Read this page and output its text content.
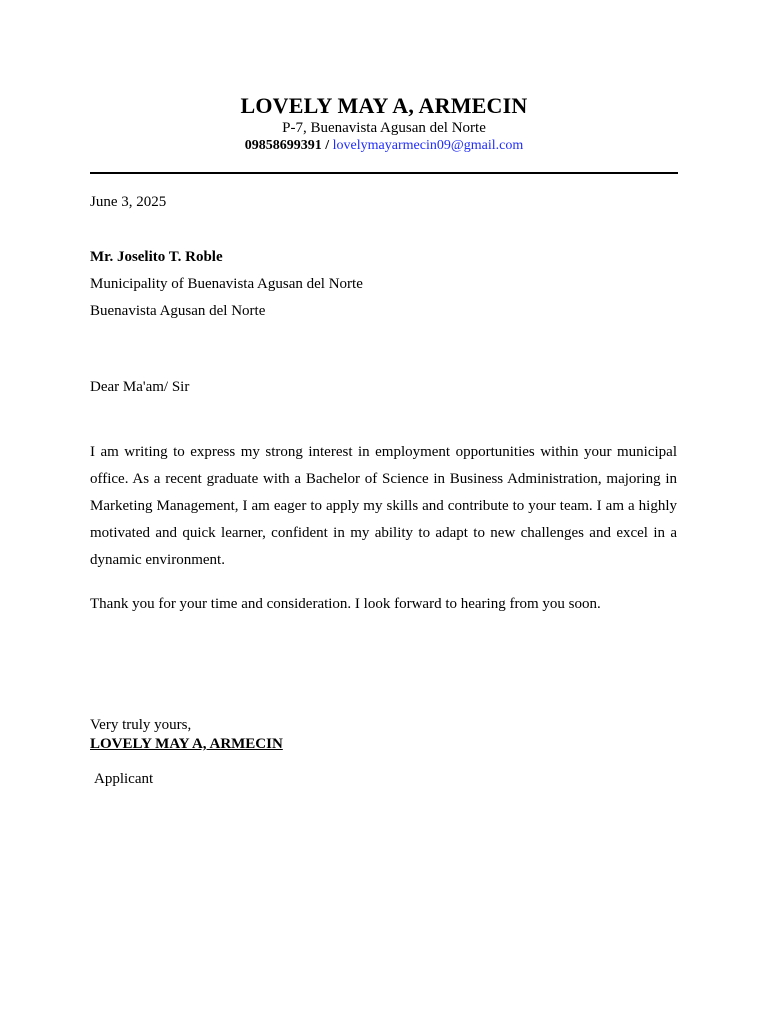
LOVELY MAY A, ARMECIN
P-7, Buenavista Agusan del Norte
09858699391 / lovelymayarmecin09@gmail.com
June 3, 2025
Mr. Joselito T. Roble
Municipality of Buenavista Agusan del Norte
Buenavista Agusan del Norte
Dear Ma'am/ Sir
I am writing to express my strong interest in employment opportunities within your municipal office. As a recent graduate with a Bachelor of Science in Business Administration, majoring in Marketing Management, I am eager to apply my skills and contribute to your team. I am a highly motivated and quick learner, confident in my ability to adapt to new challenges and excel in a dynamic environment.
Thank you for your time and consideration. I look forward to hearing from you soon.
Very truly yours,
LOVELY MAY A, ARMECIN
Applicant
